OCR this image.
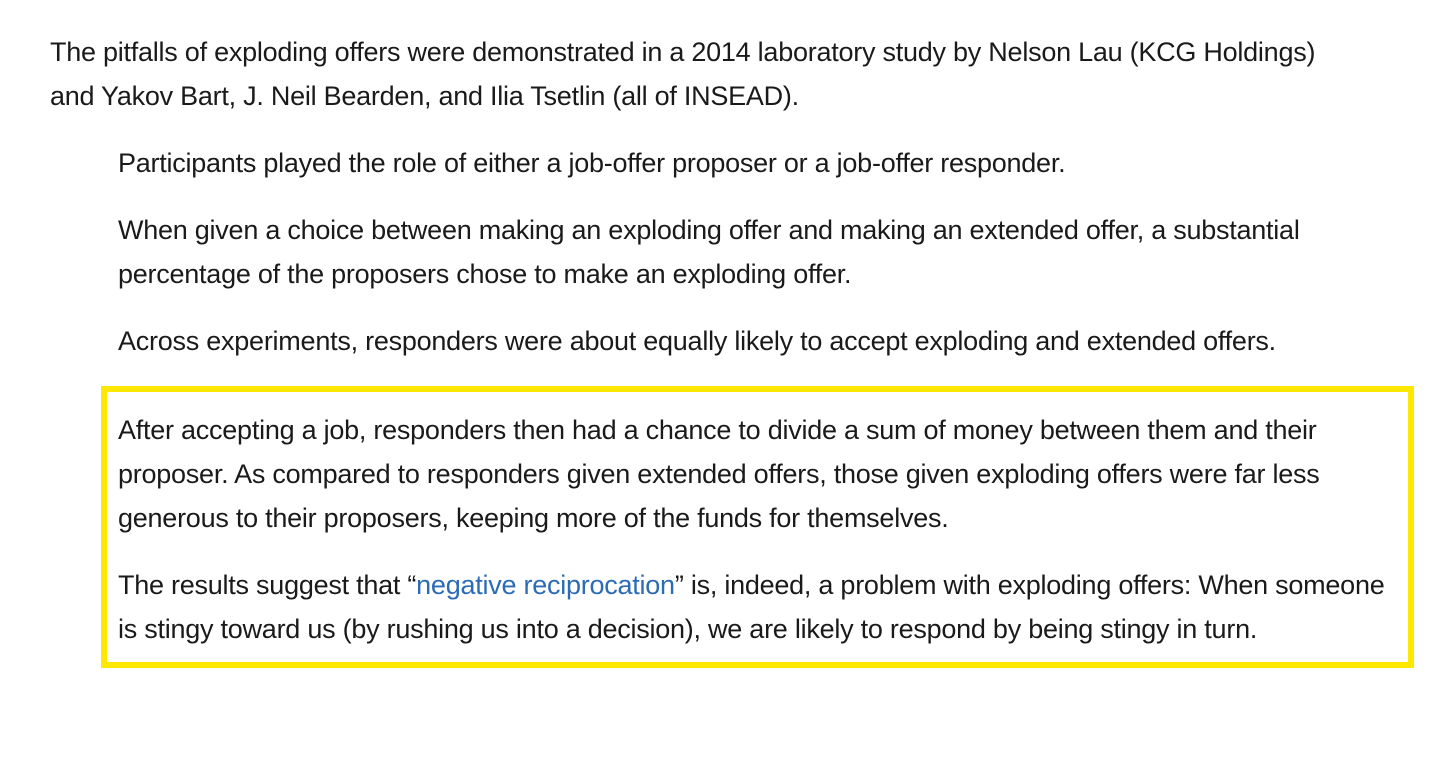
The pitfalls of exploding offers were demonstrated in a 2014 laboratory study by Nelson Lau (KCG Holdings) and Yakov Bart, J. Neil Bearden, and Ilia Tsetlin (all of INSEAD).

Participants played the role of either a job-offer proposer or a job-offer responder.

When given a choice between making an exploding offer and making an extended offer, a substantial percentage of the proposers chose to make an exploding offer.

Across experiments, responders were about equally likely to accept exploding and extended offers.

After accepting a job, responders then had a chance to divide a sum of money between them and their proposer. As compared to responders given extended offers, those given exploding offers were far less generous to their proposers, keeping more of the funds for themselves.

The results suggest that “negative reciprocation” is, indeed, a problem with exploding offers: When someone is stingy toward us (by rushing us into a decision), we are likely to respond by being stingy in turn.
